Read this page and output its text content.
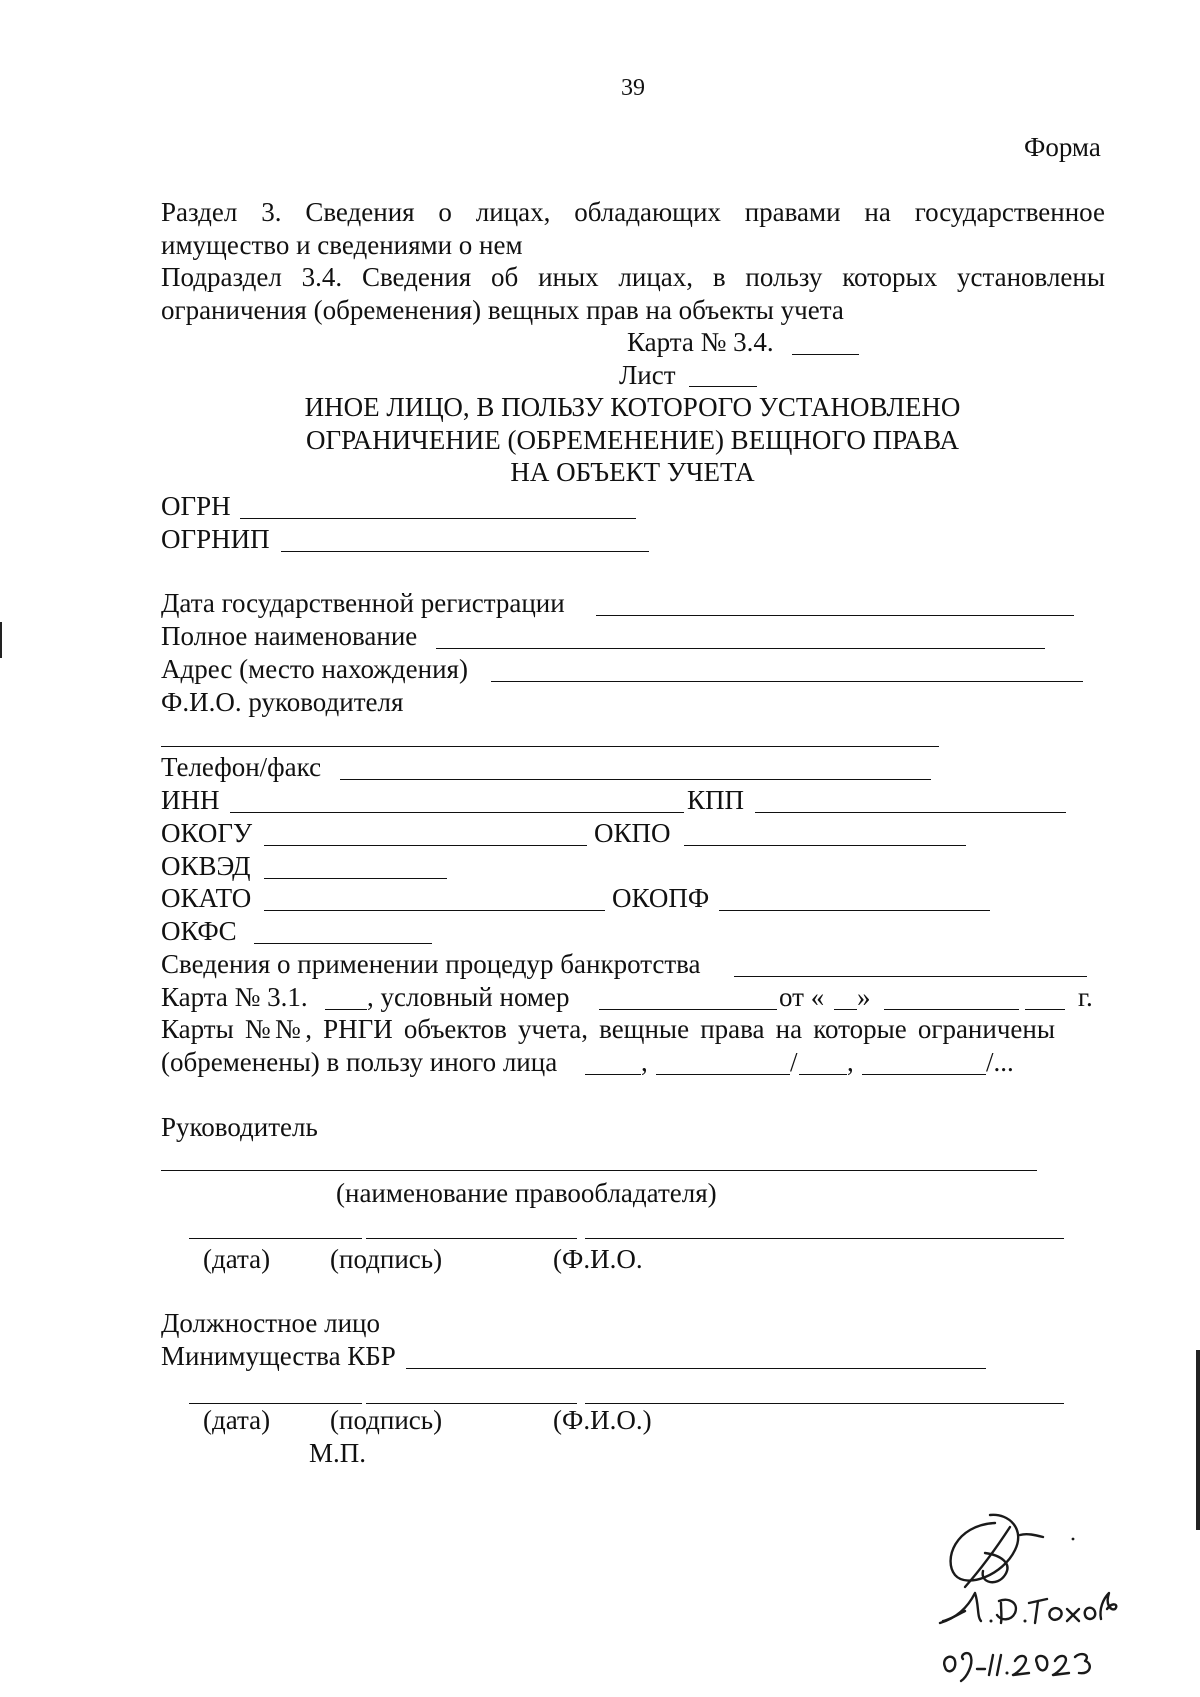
39
Форма
Раздел 3. Сведения о лицах, обладающих правами на государственное
имущество и сведениями о нем
Подраздел 3.4. Сведения об иных лицах, в пользу которых установлены
ограничения (обременения) вещных прав на объекты учета
Карта № 3.4.
Лист
ИНОЕ ЛИЦО, В ПОЛЬЗУ КОТОРОГО УСТАНОВЛЕНО
ОГРАНИЧЕНИЕ (ОБРЕМЕНЕНИЕ) ВЕЩНОГО ПРАВА
НА ОБЪЕКТ УЧЕТА
ОГРН
ОГРНИП
Дата государственной регистрации
Полное наименование
Адрес (место нахождения)
Ф.И.О. руководителя
Телефон/факс
ИНН	КПП
ОКОГУ	ОКПО
ОКВЭД
ОКАТО	ОКОПФ
ОКФС
Сведения о применении процедур банкротства
Карта № 3.1. , условный номер	от « »	г.
Карты №№, РНГИ объектов учета, вещные права на которые ограничены
(обременены) в пользу иного лица	,	/ ,	/...
Руководитель
(наименование правообладателя)
(дата) (подпись)	(Ф.И.О.
Должностное лицо
Минимущества КБР
(дата) (подпись)	(Ф.И.О.)
М.П.
